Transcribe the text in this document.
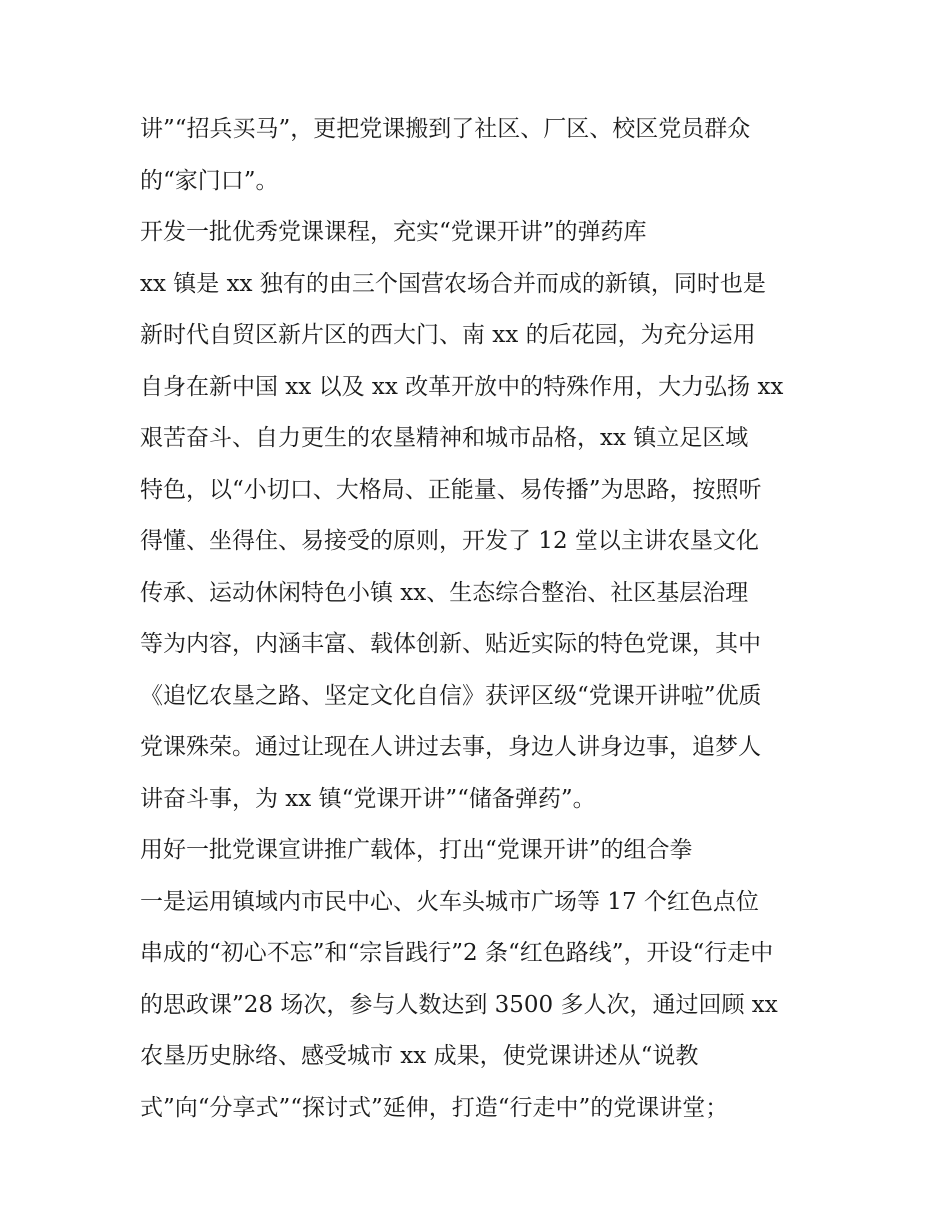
讲”“招兵买马”，更把党课搬到了社区、厂区、校区党员群众
的“家门口”。
开发一批优秀党课课程，充实“党课开讲”的弹药库
xx 镇是 xx 独有的由三个国营农场合并而成的新镇，同时也是
新时代自贸区新片区的西大门、南 xx 的后花园，为充分运用
自身在新中国 xx 以及 xx 改革开放中的特殊作用，大力弘扬 xx
艰苦奋斗、自力更生的农垦精神和城市品格，xx 镇立足区域
特色，以“小切口、大格局、正能量、易传播”为思路，按照听
得懂、坐得住、易接受的原则，开发了 12 堂以主讲农垦文化
传承、运动休闲特色小镇 xx、生态综合整治、社区基层治理
等为内容，内涵丰富、载体创新、贴近实际的特色党课，其中
《追忆农垦之路、坚定文化自信》获评区级“党课开讲啦”优质
党课殊荣。通过让现在人讲过去事，身边人讲身边事，追梦人
讲奋斗事，为 xx 镇“党课开讲”“储备弹药”。
用好一批党课宣讲推广载体，打出“党课开讲”的组合拳
一是运用镇域内市民中心、火车头城市广场等 17 个红色点位
串成的“初心不忘”和“宗旨践行”2 条“红色路线”，开设“行走中
的思政课”28 场次，参与人数达到 3500 多人次，通过回顾 xx
农垦历史脉络、感受城市 xx 成果，使党课讲述从“说教
式”向“分享式”“探讨式”延伸，打造“行走中”的党课讲堂；
